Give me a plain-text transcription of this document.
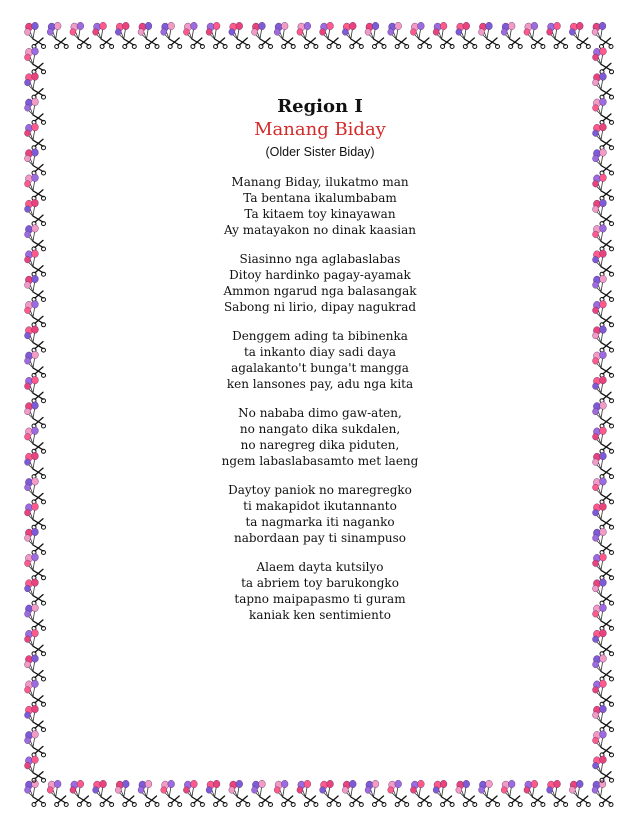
Region I
Manang Biday
(Older Sister Biday)
Manang Biday, ilukatmo man
Ta bentana ikalumbabam
Ta kitaem toy kinayawan
Ay matayakon no dinak kaasian
Siasinno nga aglabaslabas
Ditoy hardinko pagay-ayamak
Ammon ngarud nga balasangak
Sabong ni lirio, dipay nagukrad
Denggem ading ta bibinenka
ta inkanto diay sadi daya
agalakanto't bunga't mangga
ken lansones pay, adu nga kita
No nababa dimo gaw-aten,
no nangato dika sukdalen,
no naregreg dika piduten,
ngem labaslabasamto met laeng
Daytoy paniok no maregregko
ti makapidot ikutannanto
ta nagmarka iti naganko
nabordaan pay ti sinampuso
Alaem dayta kutsilyo
ta abriem toy barukongko
tapno maipapasmo ti guram
kaniak ken sentimiento
